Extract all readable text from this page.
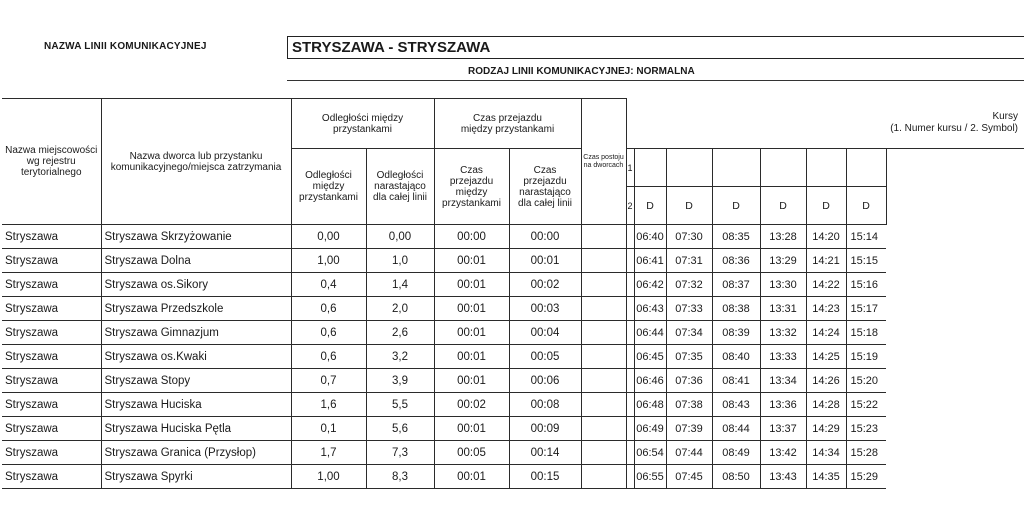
NAZWA LINII KOMUNIKACYJNEJ	STRYSZAWA - STRYSZAWA
RODZAJ LINII KOMUNIKACYJNEJ: NORMALNA
Nazwa miejscowości wg rejestru terytorialnego	Nazwa dworca lub przystanku komunikacyjnego/miejsca zatrzymania	Odległości między przystankami		Czas przejazdu między przystankami		Czas postoju na dworcach	Kursy
(1. Numer kursu / 2. Symbol)							

		Odległości między przystankami	Odległości narastająco dla całej linii	Czas przejazdu między przystankami	Czas przejazdu narastająco dla całej linii		1							
							2	D	D	D	D	D	D	
Stryszawa	Stryszawa Skrzyżowanie	0,00	0,00	00:00	00:00			06:40	07:30	08:35	13:28	14:20	15:14	
Stryszawa	Stryszawa Dolna	1,00	1,0	00:01	00:01			06:41	07:31	08:36	13:29	14:21	15:15	
Stryszawa	Stryszawa os.Sikory	0,4	1,4	00:01	00:02			06:42	07:32	08:37	13:30	14:22	15:16	
Stryszawa	Stryszawa Przedszkole	0,6	2,0	00:01	00:03			06:43	07:33	08:38	13:31	14:23	15:17	
Stryszawa	Stryszawa Gimnazjum	0,6	2,6	00:01	00:04			06:44	07:34	08:39	13:32	14:24	15:18	
Stryszawa	Stryszawa os.Kwaki	0,6	3,2	00:01	00:05			06:45	07:35	08:40	13:33	14:25	15:19	
Stryszawa	Stryszawa Stopy	0,7	3,9	00:01	00:06			06:46	07:36	08:41	13:34	14:26	15:20	
Stryszawa	Stryszawa Huciska	1,6	5,5	00:02	00:08			06:48	07:38	08:43	13:36	14:28	15:22	
Stryszawa	Stryszawa Huciska Pętla	0,1	5,6	00:01	00:09			06:49	07:39	08:44	13:37	14:29	15:23	
Stryszawa	Stryszawa Granica (Przysłop)	1,7	7,3	00:05	00:14			06:54	07:44	08:49	13:42	14:34	15:28	
Stryszawa	Stryszawa Spyrki	1,00	8,3	00:01	00:15			06:55	07:45	08:50	13:43	14:35	15:29	
